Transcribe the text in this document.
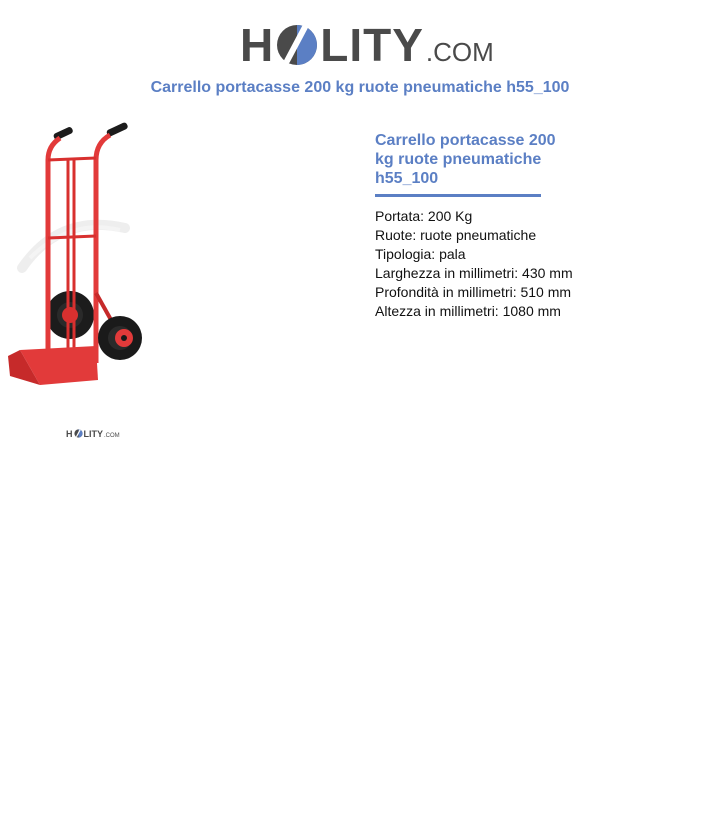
H LITY .COM
Carrello portacasse 200 kg ruote pneumatiche h55_100
H LITY .COM
Carrello portacasse 200 kg ruote pneumatiche h55_100
Portata: 200 Kg
Ruote: ruote pneumatiche
Tipologia: pala
Larghezza in millimetri: 430 mm
Profondità in millimetri: 510 mm
Altezza in millimetri: 1080 mm
